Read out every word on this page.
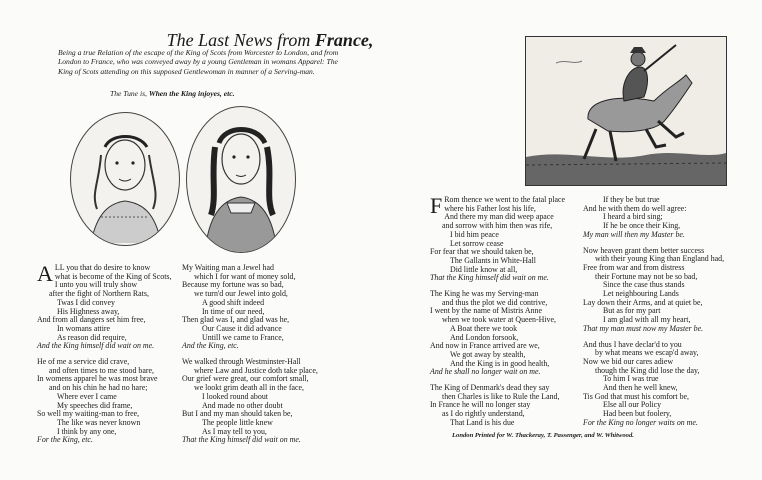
The Last News from France,
Being a true Relation of the escape of the King of Scots from Worcester to London, and from London to France, who was conveyed away by a young Gentleman in womans Apparel: The King of Scots attending on this supposed Gentlewoman in manner of a Serving-man.
The Tune is, When the King injoyes, etc.
ALL you that do desire to know
what is become of the King of Scots,
I unto you will truly show
after the fight of Northern Rats,
Twas I did convey
His Highness away,
And from all dangers set him free,
In womans attire
As reason did require,
And the King himself did wait on me.
He of me a service did crave,
and often times to me stood bare,
In womens apparel he was most brave
and on his chin he had no hare;
Where ever I came
My speeches did frame,
So well my waiting-man to free,
The like was never known
I think by any one,
For the King, etc.
My Waiting man a Jewel had
which I for want of money sold,
Because my fortune was so bad,
we turn'd our Jewel into gold,
A good shift indeed
In time of our need,
Then glad was I, and glad was he,
Our Cause it did advance
Untill we came to France,
And the King, etc.
We walked through Westminster-Hall
where Law and Justice doth take place,
Our grief were great, our comfort small,
we lookt grim death all in the face,
I looked round about
And made no other doubt
But I and my man should taken be,
The people little knew
As I may tell to you,
That the King himself did wait on me.
F Rom thence we went to the fatal place
where his Father lost his life,
And there my man did weep apace
and sorrow with him then was rife,
I bid him peace
Let sorrow cease
For fear that we should taken be,
The Gallants in White-Hall
Did little know at all,
That the King himself did wait on me.
The King he was my Serving-man
and thus the plot we did contrive,
I went by the name of Mistris Anne
when we took water at Queen-Hive,
A Boat there we took
And London forsook,
And now in France arrived are we,
We got away by stealth,
And the King is in good health,
And he shall no longer wait on me.
The King of Denmark's dead they say
then Charles is like to Rule the Land,
In France he will no longer stay
as I do rightly understand,
That Land is his due
If they be but true
And he with them do well agree:
I heard a bird sing;
If he be once their King,
My man will then my Master be.
Now heaven grant them better success
with their young King than England had,
Free from war and from distress
their Fortune may not be so bad,
Since the case thus stands
Let neighbouring Lands
Lay down their Arms, and at quiet be,
But as for my part
I am glad with all my heart,
That my man must now my Master be.
And thus I have declar'd to you
by what means we escap'd away,
Now we bid our cares adiew
though the King did lose the day,
To him I was true
And then he well knew,
Tis God that must his comfort be,
Else all our Policy
Had been but foolery,
For the King no longer waits on me.
London Printed for W. Thackeray, T. Passenger, and W. Whitwood.
